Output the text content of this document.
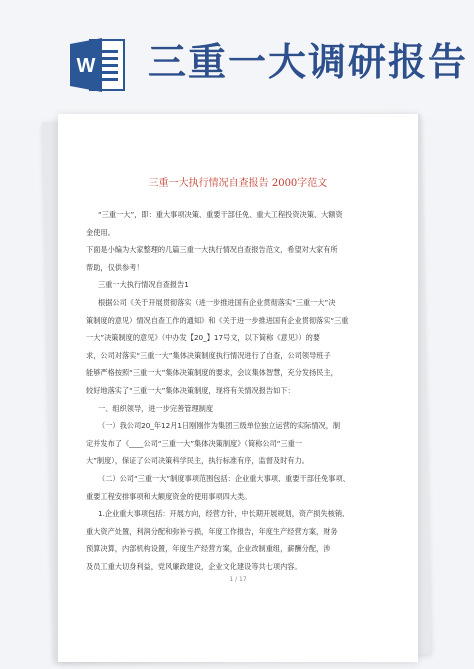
W 三重一大调研报告
三重一大执行情况自查报告 2000字范文

“三重一大”，即：重大事项决策、重要干部任免、重大工程投资决策、大额资

金使用。

下面是小编为大家整理的几篇三重一大执行情况自查报告范文，希望对大家有所

帮助，仅供参考！

三重一大执行情况自查报告1

根据公司《关于开展贯彻落实（进一步推进国有企业贯彻落实“三重一大”决

策制度的意见）情况自查工作的通知》和《关于进一步推进国有企业贯彻落实“三重

一大”决策制度的意见》（中办发【20_】17号文，以下简称《意见》）的要

求，公司对落实“三重一大”集体决策制度执行情况进行了自查，公司领导班子

能够严格按照“三重一大”集体决策制度的要求，会议集体智慧，充分发扬民主，

较好地落实了“三重一大”集体决策制度，现将有关情况报告如下：

一、组织领导，进一步完善管理制度

（一）我公司20_年12月1日刚刚作为集团三级单位独立运营的实际情况，制

定并发布了《____公司“三重一大”集体决策制度》（简称公司“三重一

大”制度），保证了公司决策科学民主，执行标准有序，监督及时有力。

（二）公司“三重一大”制度事项范围包括：企业重大事项、重要干部任免事项、

重要工程安排事项和大额度资金的使用事项四大类。

1.企业重大事项包括：开展方向，经营方针，中长期开展规划，资产损失核销、

重大资产处置，利润分配和弥补亏损，年度工作报告，年度生产经营方案，财务

预算决算，内部机构设置，年度生产经营方案，企业改制重组，薪酬分配，涉

及员工重大切身利益，党风廉政建设，企业文化建设等共七项内容。

1 / 17
